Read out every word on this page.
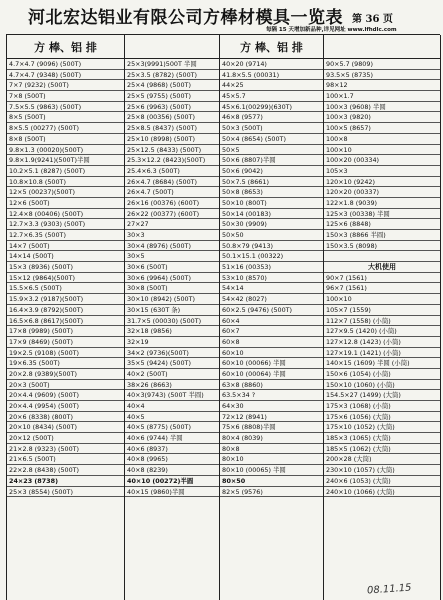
河北宏达铝业有限公司方棒材模具一览表 第 36 页
每隔 15 天增加新品种,详见网址 www.lfhdlc.com
方 棒、铝 排
4.7×4.7 (9096) (500T)
4.7×4.7 (9348) (500T)
7×7 (9232) (500T)
7×8 (500T)
7.5×5.5 (9863) (500T)
8×5 (500T)
8×5.5 (00277) (500T)
8×8 (500T)
9.8×1.3 (00020)(500T)
9.8×1.9(9241)(500T)半圆
10.2×5.1 (8287) (500T)
10.8×10.8 (500T)
12×5 (00237)(500T)
12×6 (500T)
12.4×8 (00406) (500T)
12.7×3.3 (9303) (500T)
12.7×6.35 (500T)
14×7 (500T)
14×14 (500T)
15×3 (8936) (500T)
15×12 (9864)(500T)
15.5×6.5 (500T)
15.9×3.2 (9187)(500T)
16.4×3.9 (8792)(500T)
16.5×6.8 (8617)(500T)
17×8 (9989) (500T)
17×9 (8469) (500T)
19×2.5 (9108) (500T)
19×6.35 (500T)
20×2.8 (9389)(500T)
20×3 (500T)
20×4.4 (9609) (500T)
20×4.4 (9954) (500T)
20×6 (8338) (800T)
20×10 (8434) (500T)
20×12 (500T)
21×2.8 (9323) (500T)
21×6.5 (500T)
22×2.8 (8438) (500T)
24×23 (8738)
25×3 (8554) (500T)
25×3(9991)500T 半圆
25×3.5 (8782) (500T)
25×4 (9868) (500T)
25×5 (9755) (500T)
25×6 (9963) (500T)
25×8 (00356) (500T)
25×8.5 (8437) (500T)
25×10 (8998) (500T)
25×12.5 (8433) (500T)
25.3×12.2 (8423)(500T)
25.4×6.3 (500T)
26×4.7 (8684) (500T)
26×4.7 (500T)
26×16 (00376) (600T)
26×22 (00377) (600T)
27×27
30×3
30×4 (8976) (500T)
30×5
30×6 (500T)
30×6 (9964) (500T)
30×8 (500T)
30×10 (8942) (500T)
30×15 (630T 条)
31.7×5 (00030) (500T)
32×18 (9856)
32×19
34×2 (9736)(500T)
35×5 (9424) (500T)
40×2 (500T)
38×26 (8663)
40×3(9743) (500T 半圆)
40×4
40×5
40×5 (8775) (500T)
40×6 (9744) 半圆
40×6 (8937)
40×8 (9965)
40×8 (8239)
40×10 (00272)半圆
40×15 (9860)半圆
方 棒、铝 排
40×20 (9714)
41.8×5.5 (00031)
44×25
45×5.7
45×6.1(00299)(630T)
46×8 (9577)
50×3 (500T)
50×4 (8654) (500T)
50×5
50×6 (8807)半圆
50×6 (9042)
50×7.5 (8661)
50×8 (8653)
50×10 (800T)
50×14 (00183)
50×30 (9909)
50×50
50.8×79 (9413)
50.1×15.1 (00322)
51×16 (00353)
53×10 (8570)
54×14
54×42 (8027)
60×2.5 (9476) (500T)
60×4
60×7
60×8
60×10
60×10 (00066) 半圆
60×10 (00064) 半圆
63×8 (8860)
63.5×34 ?
64×30
72×12 (8941)
75×6 (8808)半圆
80×4 (8039)
80×8
80×10
80×10 (00065) 半圆
80×50
82×5 (9576)
90×5.7 (9809)
93.5×5 (8735)
98×12
100×1.7
100×3 (9608) 半圆
100×3 (9820)
100×5 (8657)
100×8
100×10
100×20 (00334)
105×3
120×10 (9242)
120×20 (00337)
122×1.8 (9039)
125×3 (00338) 半圆
125×6 (8848)
150×3 (8866 半圆)
150×3.5 (8098)
大机使用
90×7 (1561)
96×7 (1561)
100×10
105×7 (1559)
112×7 (1558) (小筒)
127×9.5 (1420) (小筒)
127×12.8 (1423) (小筒)
127×19.1 (1421) (小筒)
140×15 (1609) 半圆 (小筒)
150×6 (1054) (小筒)
150×10 (1060) (小筒)
154.5×27 (1499) (大筒)
175×3 (1068) (小筒)
175×6 (1056) (大筒)
175×10 (1052) (大筒)
185×3 (1065) (大筒)
185×5 (1062) (大筒)
200×28 (大筒)
230×10 (1057) (大筒)
240×6 (1053) (大筒)
240×10 (1066) (大筒)
08.11.15
